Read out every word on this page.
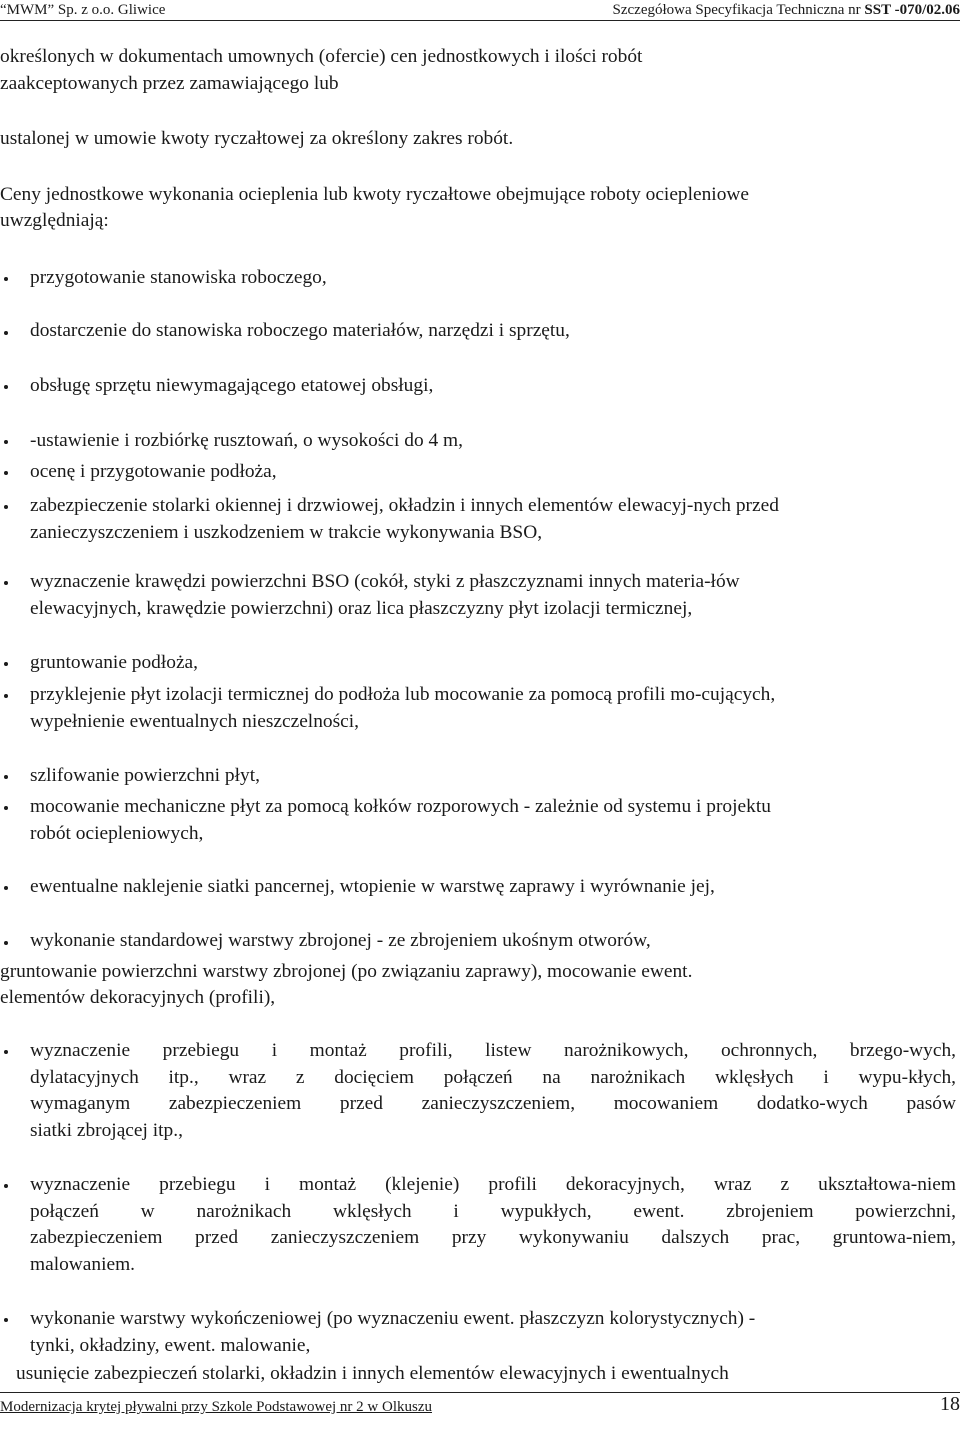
“MWM” Sp. z o.o. Gliwice	Szczegółowa Specyfikacja Techniczna nr SST -070/02.06
określonych w dokumentach umownych (ofercie) cen jednostkowych i ilości robót
zaakceptowanych przez zamawiającego lub
ustalonej w umowie kwoty ryczałtowej za określony zakres robót.
Ceny jednostkowe wykonania ocieplenia lub kwoty ryczałtowe obejmujące roboty ociepleniowe
uwzględniają:
przygotowanie stanowiska roboczego,
dostarczenie do stanowiska roboczego materiałów, narzędzi i sprzętu,
obsługę sprzętu niewymagającego etatowej obsługi,
-ustawienie i rozbiórkę rusztowań, o wysokości do 4 m,
ocenę i przygotowanie podłoża,
zabezpieczenie stolarki okiennej i drzwiowej, okładzin i innych elementów elewacyj-nych przed
zanieczyszczeniem i uszkodzeniem w trakcie wykonywania BSO,
wyznaczenie krawędzi powierzchni BSO (cokół, styki z płaszczyznami innych materia-łów
elewacyjnych, krawędzie powierzchni) oraz lica płaszczyzny płyt izolacji termicznej,
gruntowanie podłoża,
przyklejenie płyt izolacji termicznej do podłoża lub mocowanie za pomocą profili mo-cujących,
wypełnienie ewentualnych nieszczelności,
szlifowanie powierzchni płyt,
mocowanie mechaniczne płyt za pomocą kołków rozporowych - zależnie od systemu i projektu
robót ociepleniowych,
ewentualne naklejenie siatki pancernej, wtopienie w warstwę zaprawy i wyrównanie jej,
wykonanie standardowej warstwy zbrojonej - ze zbrojeniem ukośnym otworów,
gruntowanie powierzchni warstwy zbrojonej (po związaniu zaprawy), mocowanie ewent.
elementów dekoracyjnych (profili),
wyznaczenie przebiegu i montaż profili, listew narożnikowych, ochronnych, brzego-wych,
dylatacyjnych itp., wraz z docięciem połączeń na narożnikach wklęsłych i wypu-kłych,
wymaganym zabezpieczeniem przed zanieczyszczeniem, mocowaniem dodatko-wych pasów
siatki zbrojącej itp.,
wyznaczenie przebiegu i montaż (klejenie) profili dekoracyjnych, wraz z ukształtowa-niem
połączeń w narożnikach wklęsłych i wypukłych, ewent. zbrojeniem powierzchni,
zabezpieczeniem przed zanieczyszczeniem przy wykonywaniu dalszych prac, gruntowa-niem,
malowaniem.
wykonanie warstwy wykończeniowej (po wyznaczeniu ewent. płaszczyzn kolorystycznych) -
tynki, okładziny, ewent. malowanie,
usunięcie zabezpieczeń stolarki, okładzin i innych elementów elewacyjnych i ewentualnych
Modernizacja krytej pływalni przy Szkole Podstawowej nr 2 w Olkuszu	18
